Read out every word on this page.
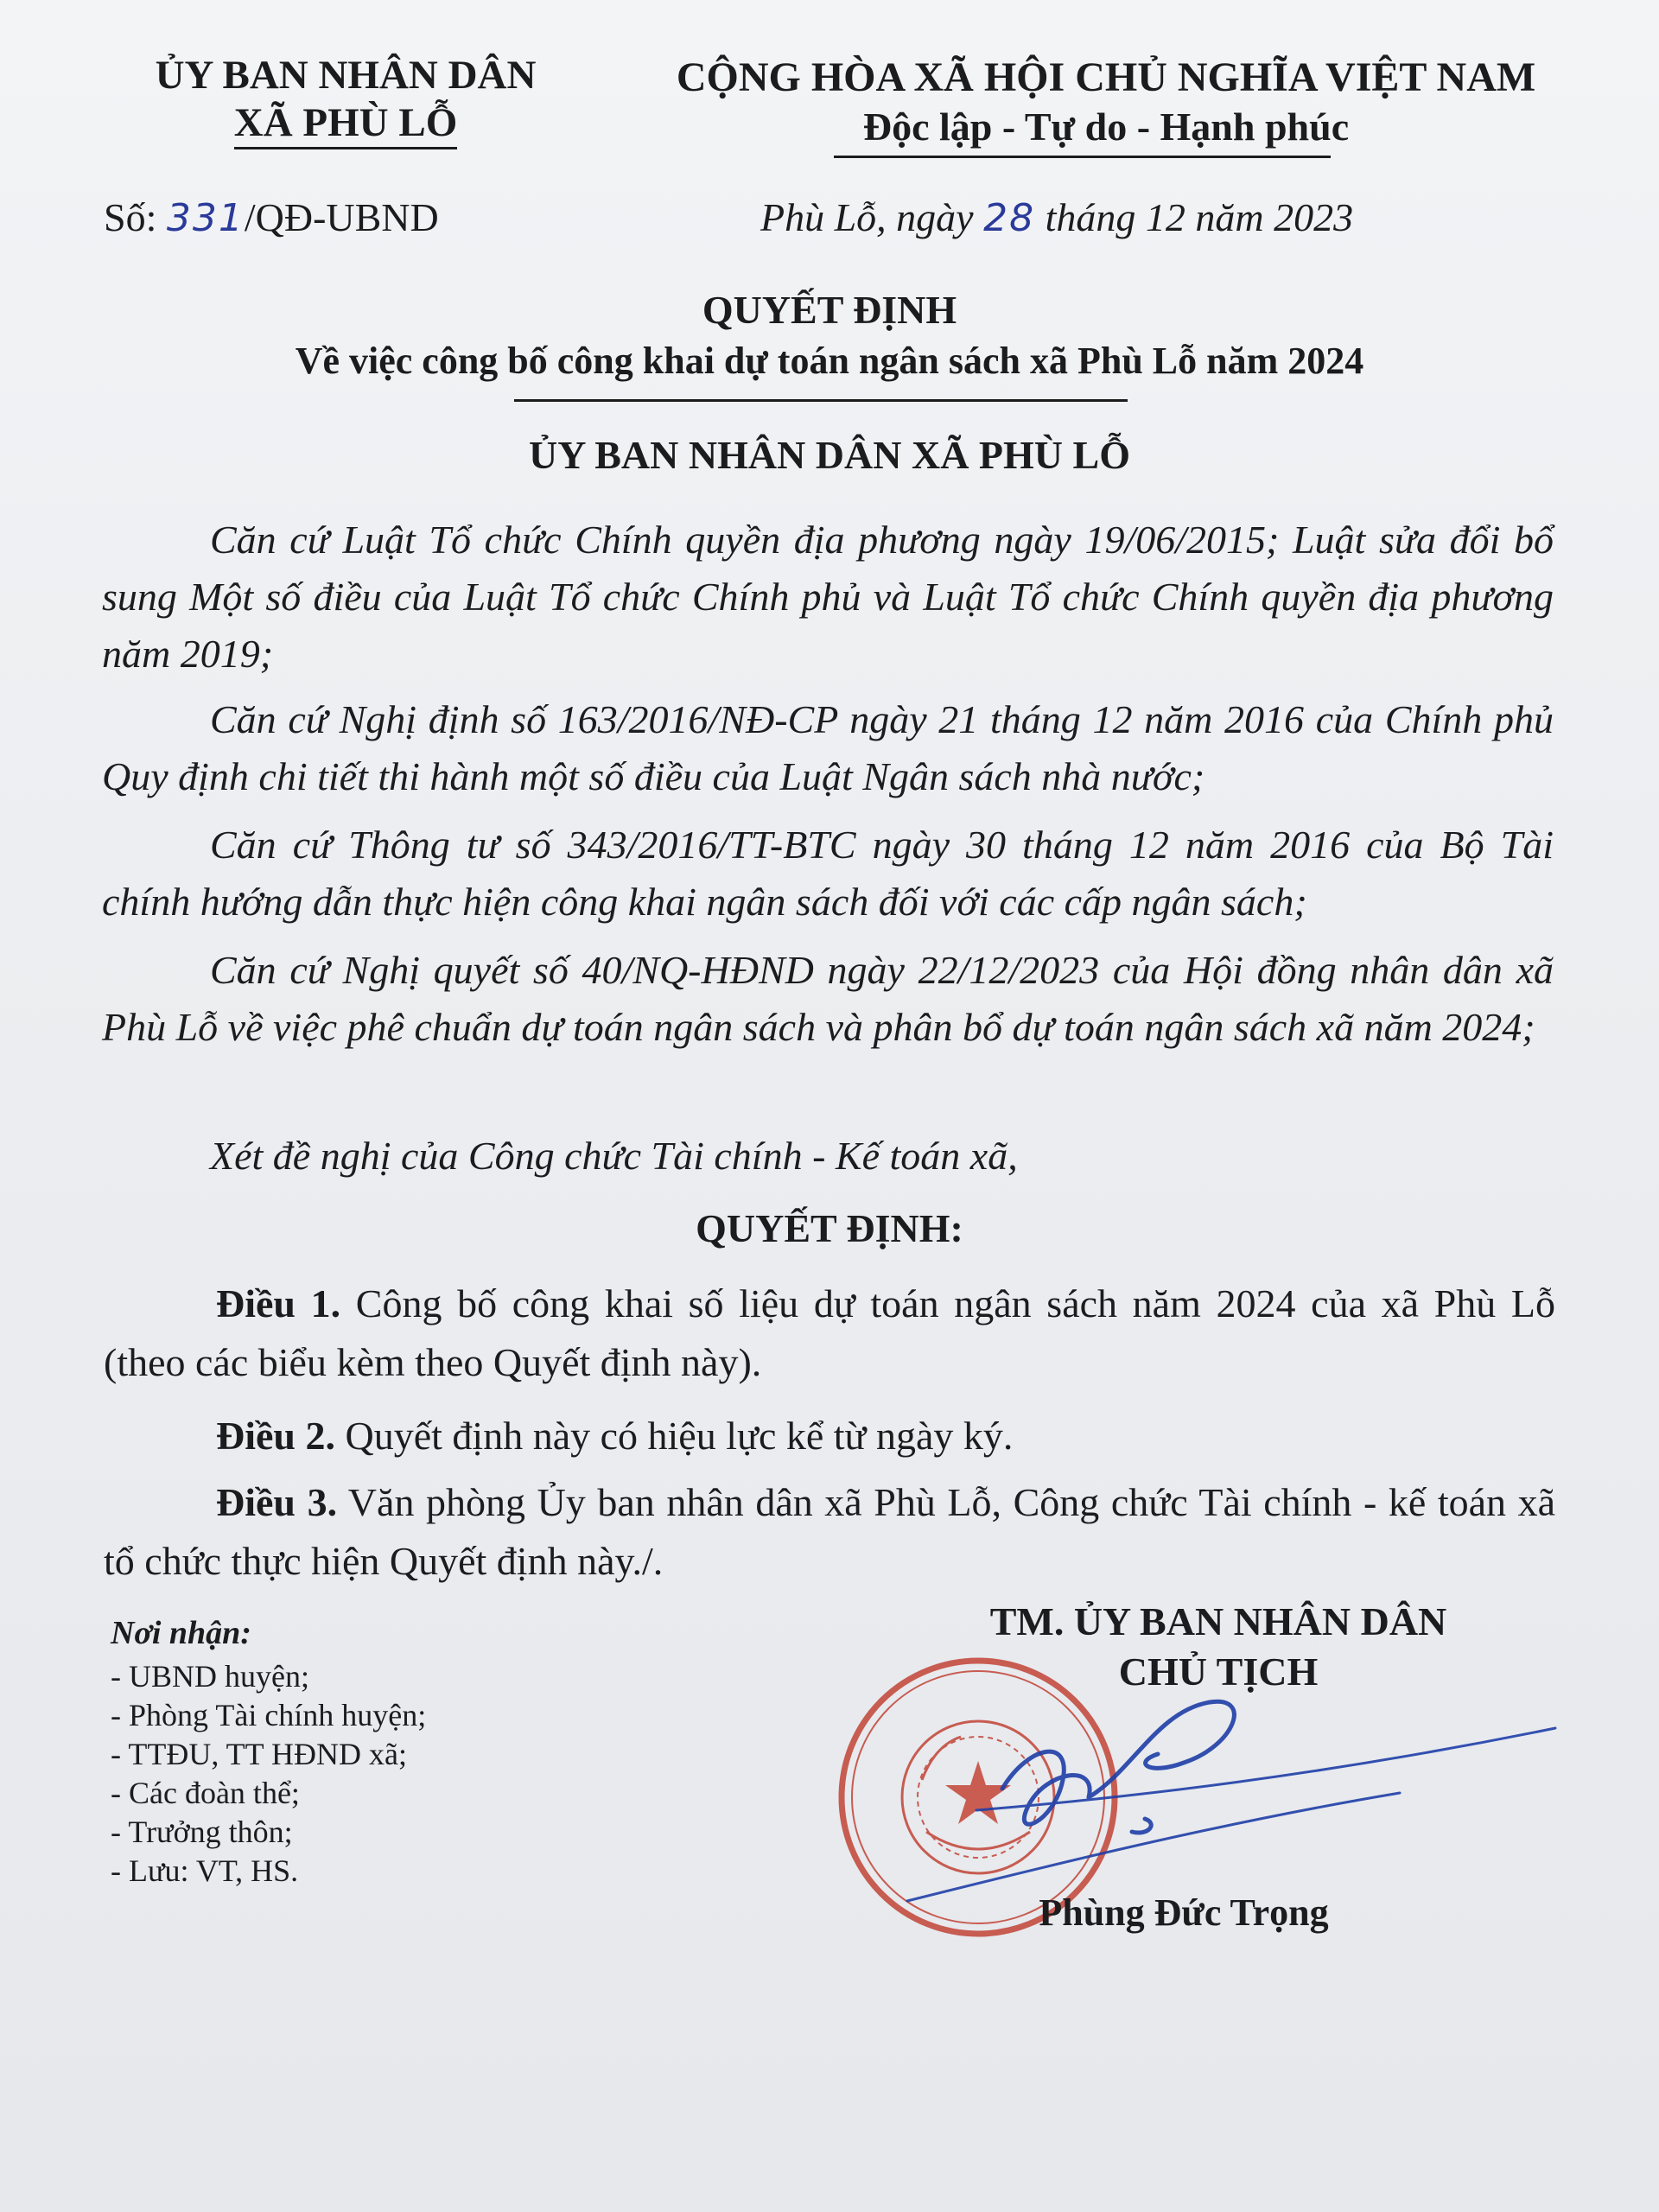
ỦY BAN NHÂN DÂN
XÃ PHÙ LỖ
CỘNG HÒA XÃ HỘI CHỦ NGHĨA VIỆT NAM
Độc lập - Tự do - Hạnh phúc
Số: 331/QĐ-UBND	Phù Lỗ, ngày 28 tháng 12 năm 2023
QUYẾT ĐỊNH
Về việc công bố công khai dự toán ngân sách xã Phù Lỗ năm 2024
ỦY BAN NHÂN DÂN XÃ PHÙ LỖ
Căn cứ Luật Tổ chức Chính quyền địa phương ngày 19/06/2015; Luật sửa đổi bổ sung Một số điều của Luật Tổ chức Chính phủ và Luật Tổ chức Chính quyền địa phương năm 2019;
Căn cứ Nghị định số 163/2016/NĐ-CP ngày 21 tháng 12 năm 2016 của Chính phủ Quy định chi tiết thi hành một số điều của Luật Ngân sách nhà nước;
Căn cứ Thông tư số 343/2016/TT-BTC ngày 30 tháng 12 năm 2016 của Bộ Tài chính hướng dẫn thực hiện công khai ngân sách đối với các cấp ngân sách;
Căn cứ Nghị quyết số 40/NQ-HĐND ngày 22/12/2023 của Hội đồng nhân dân xã Phù Lỗ về việc phê chuẩn dự toán ngân sách và phân bổ dự toán ngân sách xã năm 2024;
Xét đề nghị của Công chức Tài chính - Kế toán xã,
QUYẾT ĐỊNH:
Điều 1. Công bố công khai số liệu dự toán ngân sách năm 2024 của xã Phù Lỗ (theo các biểu kèm theo Quyết định này).
Điều 2. Quyết định này có hiệu lực kể từ ngày ký.
Điều 3. Văn phòng Ủy ban nhân dân xã Phù Lỗ, Công chức Tài chính - kế toán xã tổ chức thực hiện Quyết định này./.
Nơi nhận:
- UBND huyện;
- Phòng Tài chính huyện;
- TTĐU, TT HĐND xã;
- Các đoàn thể;
- Trưởng thôn;
- Lưu: VT, HS.
TM. ỦY BAN NHÂN DÂN
CHỦ TỊCH
Phùng Đức Trọng
